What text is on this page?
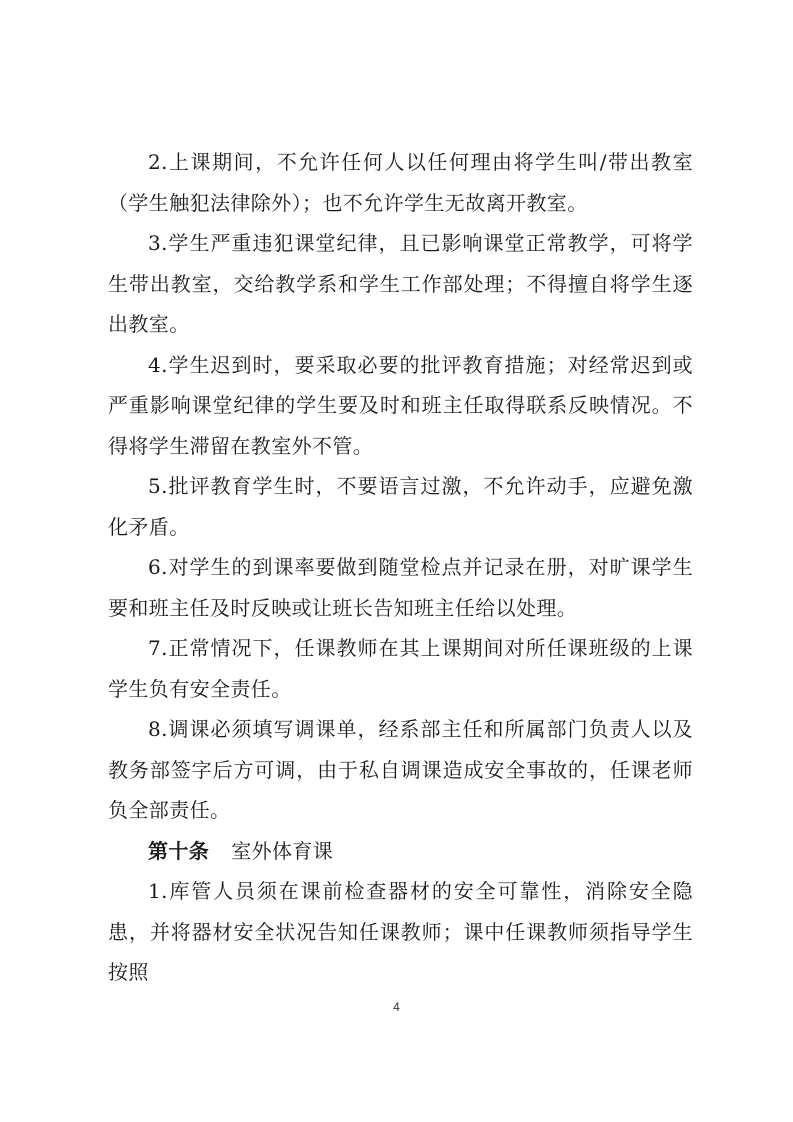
2.上课期间，不允许任何人以任何理由将学生叫/带出教室（学生触犯法律除外）；也不允许学生无故离开教室。

3.学生严重违犯课堂纪律，且已影响课堂正常教学，可将学生带出教室，交给教学系和学生工作部处理；不得擅自将学生逐出教室。

4.学生迟到时，要采取必要的批评教育措施；对经常迟到或严重影响课堂纪律的学生要及时和班主任取得联系反映情况。不得将学生滞留在教室外不管。

5.批评教育学生时，不要语言过激，不允许动手，应避免激化矛盾。

6.对学生的到课率要做到随堂检点并记录在册，对旷课学生要和班主任及时反映或让班长告知班主任给以处理。

7.正常情况下，任课教师在其上课期间对所任课班级的上课学生负有安全责任。

8.调课必须填写调课单，经系部主任和所属部门负责人以及教务部签字后方可调，由于私自调课造成安全事故的，任课老师负全部责任。

第十条 室外体育课

1.库管人员须在课前检查器材的安全可靠性，消除安全隐患，并将器材安全状况告知任课教师；课中任课教师须指导学生按照

4
